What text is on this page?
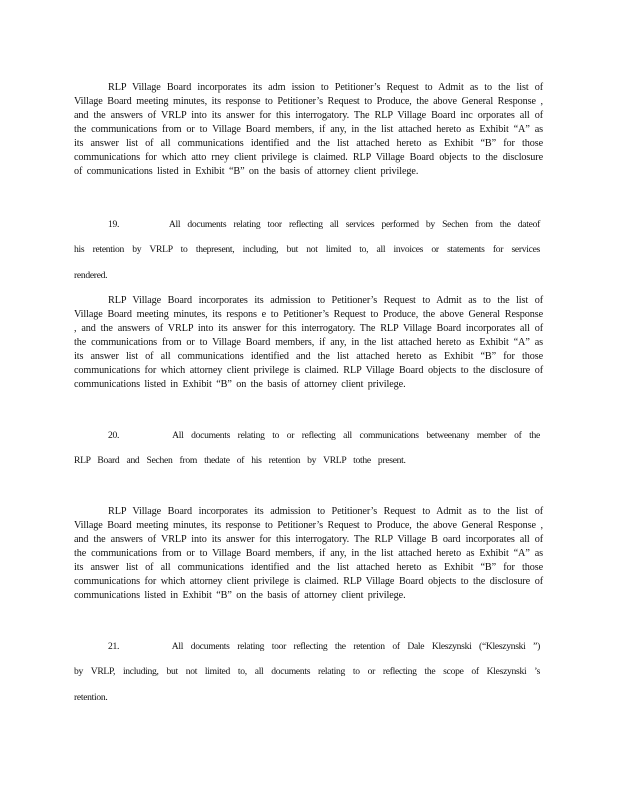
RLP Village Board incorporates its adm ission to Petitioner’s Request to Admit as to the list of Village Board meeting minutes, its response to Petitioner’s Request to Produce, the above General Response , and the answers of VRLP into its answer for this interrogatory. The RLP Village Board inc orporates all of the communications from or to Village Board members, if any, in the list attached hereto as Exhibit “A” as its answer list of all communications identified and the list attached hereto as Exhibit “B” for those communications for which atto rney client privilege is claimed. RLP Village Board objects to the disclosure of communications listed in Exhibit “B” on the basis of attorney client privilege.

19.       All documents relating toor reflecting all services performed by Sechen from the dateof his retention by VRLP to thepresent, including, but not limited to, all invoices or statements for services rendered.

RLP Village Board incorporates its admission to Petitioner’s Request to Admit as to the list of Village Board meeting minutes, its respons e to Petitioner’s Request to Produce, the above General Response , and the answers of VRLP into its answer for this interrogatory. The RLP Village Board incorporates all of the communications from or to Village Board members, if any, in the list attached hereto as Exhibit “A” as its answer list of all communications identified and the list attached hereto as Exhibit “B” for those communications for which attorney client privilege is claimed. RLP Village Board objects to the disclosure of communications listed in Exhibit “B” on the basis of attorney client privilege.

20.       All documents relating to or reflecting all communications betweenany member of the RLP Board and Sechen from thedate of his retention by VRLP tothe present.

RLP Village Board incorporates its admission to Petitioner’s Request to Admit as to the list of Village Board meeting minutes, its response to Petitioner’s Request to Produce, the above General Response , and the answers of VRLP into its answer for this interrogatory. The RLP Village B oard incorporates all of the communications from or to Village Board members, if any, in the list attached hereto as Exhibit “A” as its answer list of all communications identified and the list attached hereto as Exhibit “B” for those communications for which attorney client privilege is claimed. RLP Village Board objects to the disclosure of communications listed in Exhibit “B” on the basis of attorney client privilege.

21.       All documents relating toor reflecting the retention of Dale Kleszynski (“Kleszynski ”) by VRLP, including, but not limited to, all documents relating to or reflecting the scope of Kleszynski ’s retention.
